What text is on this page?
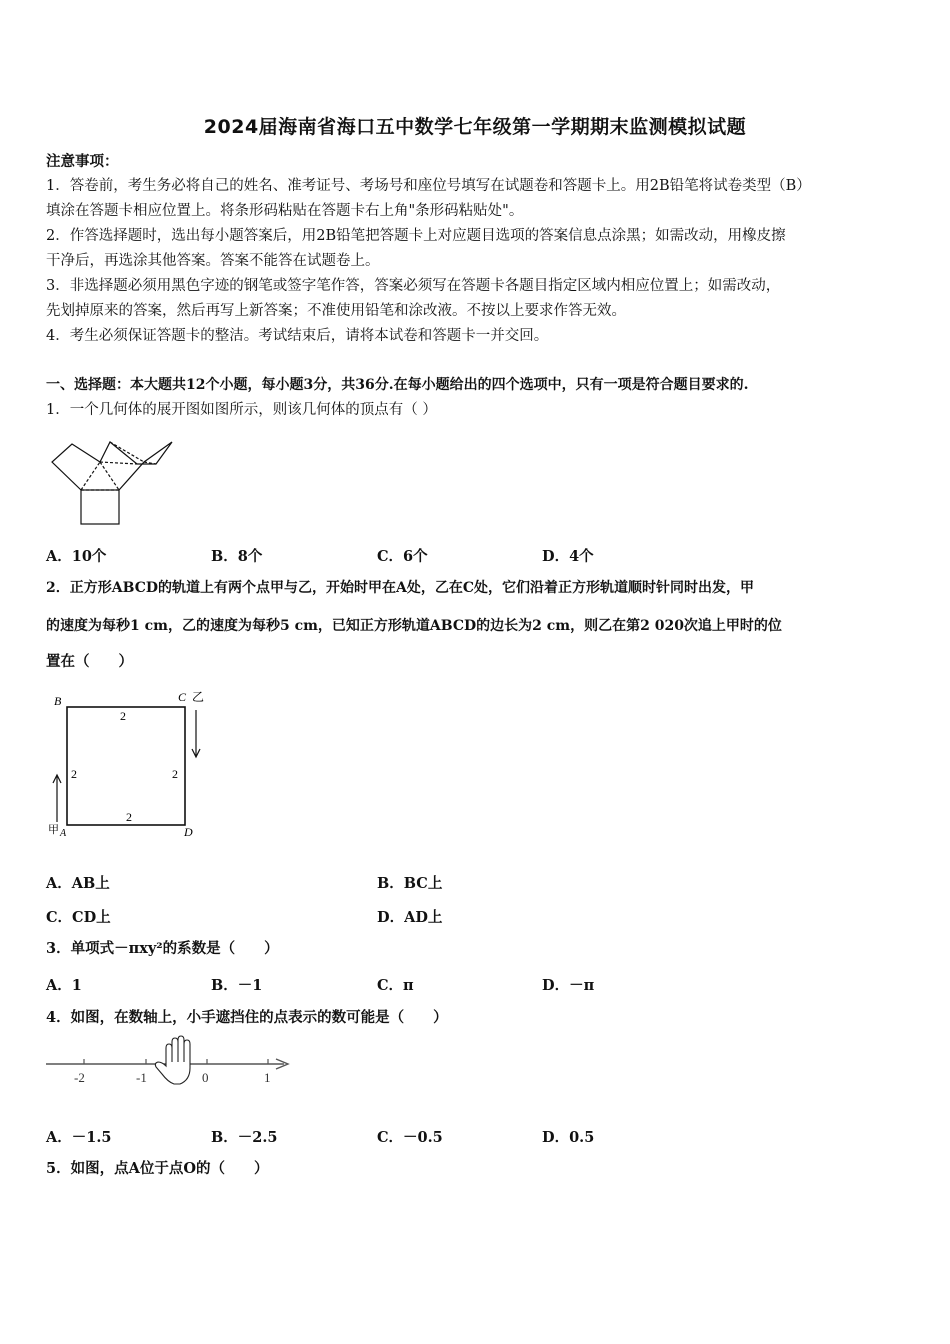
2024届海南省海口五中数学七年级第一学期期末监测模拟试题
注意事项：
1．答卷前，考生务必将自己的姓名、准考证号、考场号和座位号填写在试题卷和答题卡上。用2B铅笔将试卷类型（B）
填涂在答题卡相应位置上。将条形码粘贴在答题卡右上角"条形码粘贴处"。
2．作答选择题时，选出每小题答案后，用2B铅笔把答题卡上对应题目选项的答案信息点涂黑；如需改动，用橡皮擦
干净后，再选涂其他答案。答案不能答在试题卷上。
3．非选择题必须用黑色字迹的钢笔或签字笔作答，答案必须写在答题卡各题目指定区域内相应位置上；如需改动，
先划掉原来的答案，然后再写上新答案；不准使用铅笔和涂改液。不按以上要求作答无效。
4．考生必须保证答题卡的整洁。考试结束后，请将本试卷和答题卡一并交回。
一、选择题：本大题共12个小题，每小题3分，共36分.在每小题给出的四个选项中，只有一项是符合题目要求的.
1．一个几何体的展开图如图所示，则该几何体的顶点有（ ）
A．10个	B．8个	C．6个	D．4个
2．正方形ABCD的轨道上有两个点甲与乙，开始时甲在A处，乙在C处，它们沿着正方形轨道顺时针同时出发，甲
的速度为每秒1 cm，乙的速度为每秒5 cm，已知正方形轨道ABCD的边长为2 cm，则乙在第2 020次追上甲时的位
置在（　　）
B	C 乙
D
甲 A
2
2	2
2
A．AB上	B．BC上
C．CD上	D．AD上
3．单项式－πxy²的系数是（　　）
A．1	B．－1	C．π	D．－π
4．如图，在数轴上，小手遮挡住的点表示的数可能是（　　）
-2	-1	0	1
A．－1.5	B．－2.5	C．－0.5	D．0.5
5．如图，点A位于点O的（　　）
